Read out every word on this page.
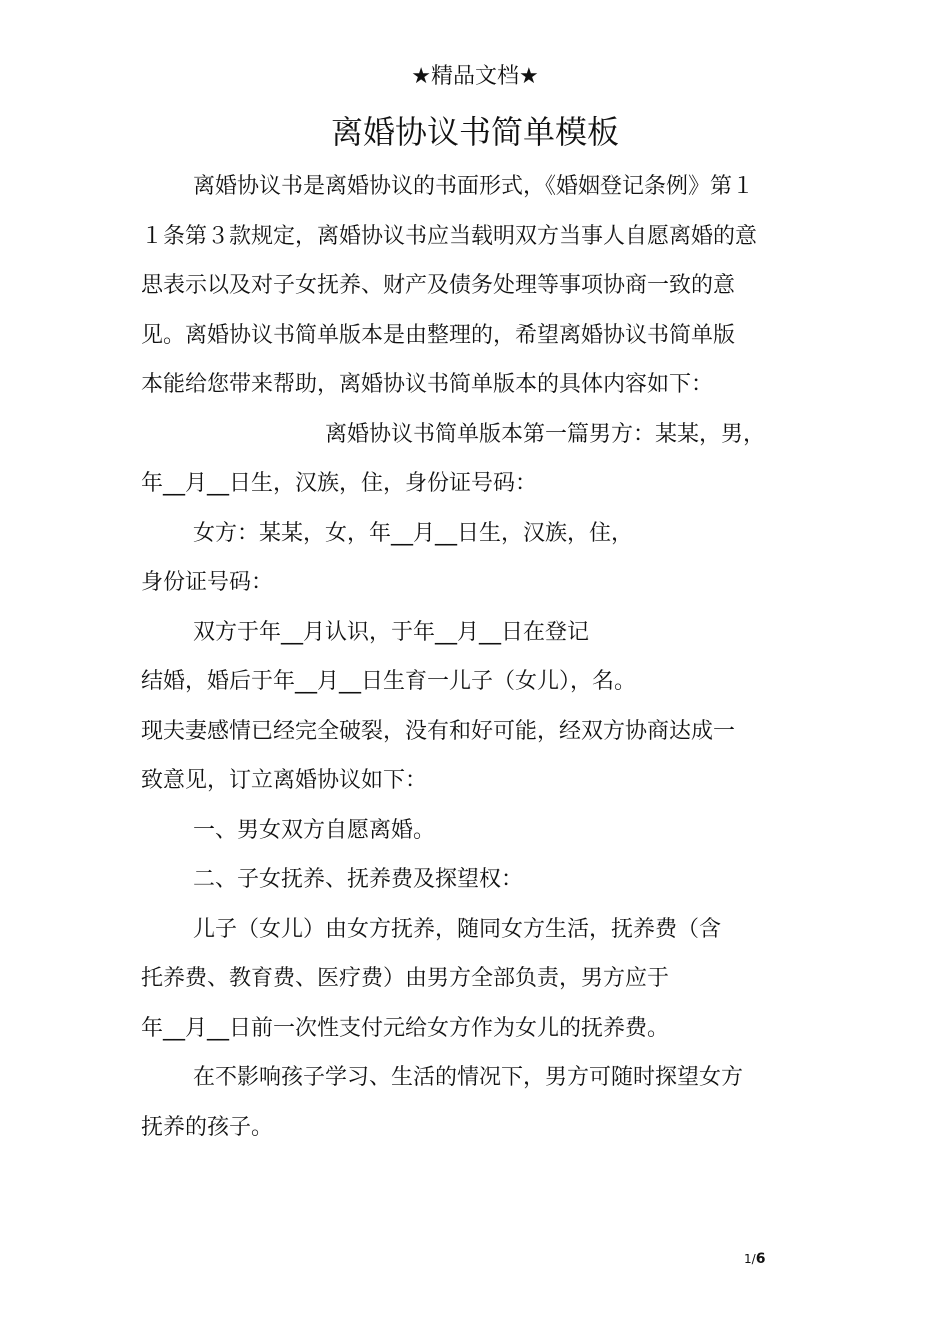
★精品文档★
离婚协议书简单模板
离婚协议书是离婚协议的书面形式，《婚姻登记条例》第１
１条第３款规定，离婚协议书应当载明双方当事人自愿离婚的意
思表示以及对子女抚养、财产及债务处理等事项协商一致的意
见。离婚协议书简单版本是由整理的，希望离婚协议书简单版
本能给您带来帮助，离婚协议书简单版本的具体内容如下：
离婚协议书简单版本第一篇男方：某某，男，
年__月__日生，汉族，住，身份证号码：
女方：某某，女，年__月__日生，汉族，住，
身份证号码：
双方于年__月认识，于年__月__日在登记
结婚，婚后于年__月__日生育一儿子（女儿），名。
现夫妻感情已经完全破裂，没有和好可能，经双方协商达成一
致意见，订立离婚协议如下：
一、男女双方自愿离婚。
二、子女抚养、抚养费及探望权：
儿子（女儿）由女方抚养，随同女方生活，抚养费（含
托养费、教育费、医疗费）由男方全部负责，男方应于
年__月__日前一次性支付元给女方作为女儿的抚养费。
在不影响孩子学习、生活的情况下，男方可随时探望女方
抚养的孩子。
1/6
